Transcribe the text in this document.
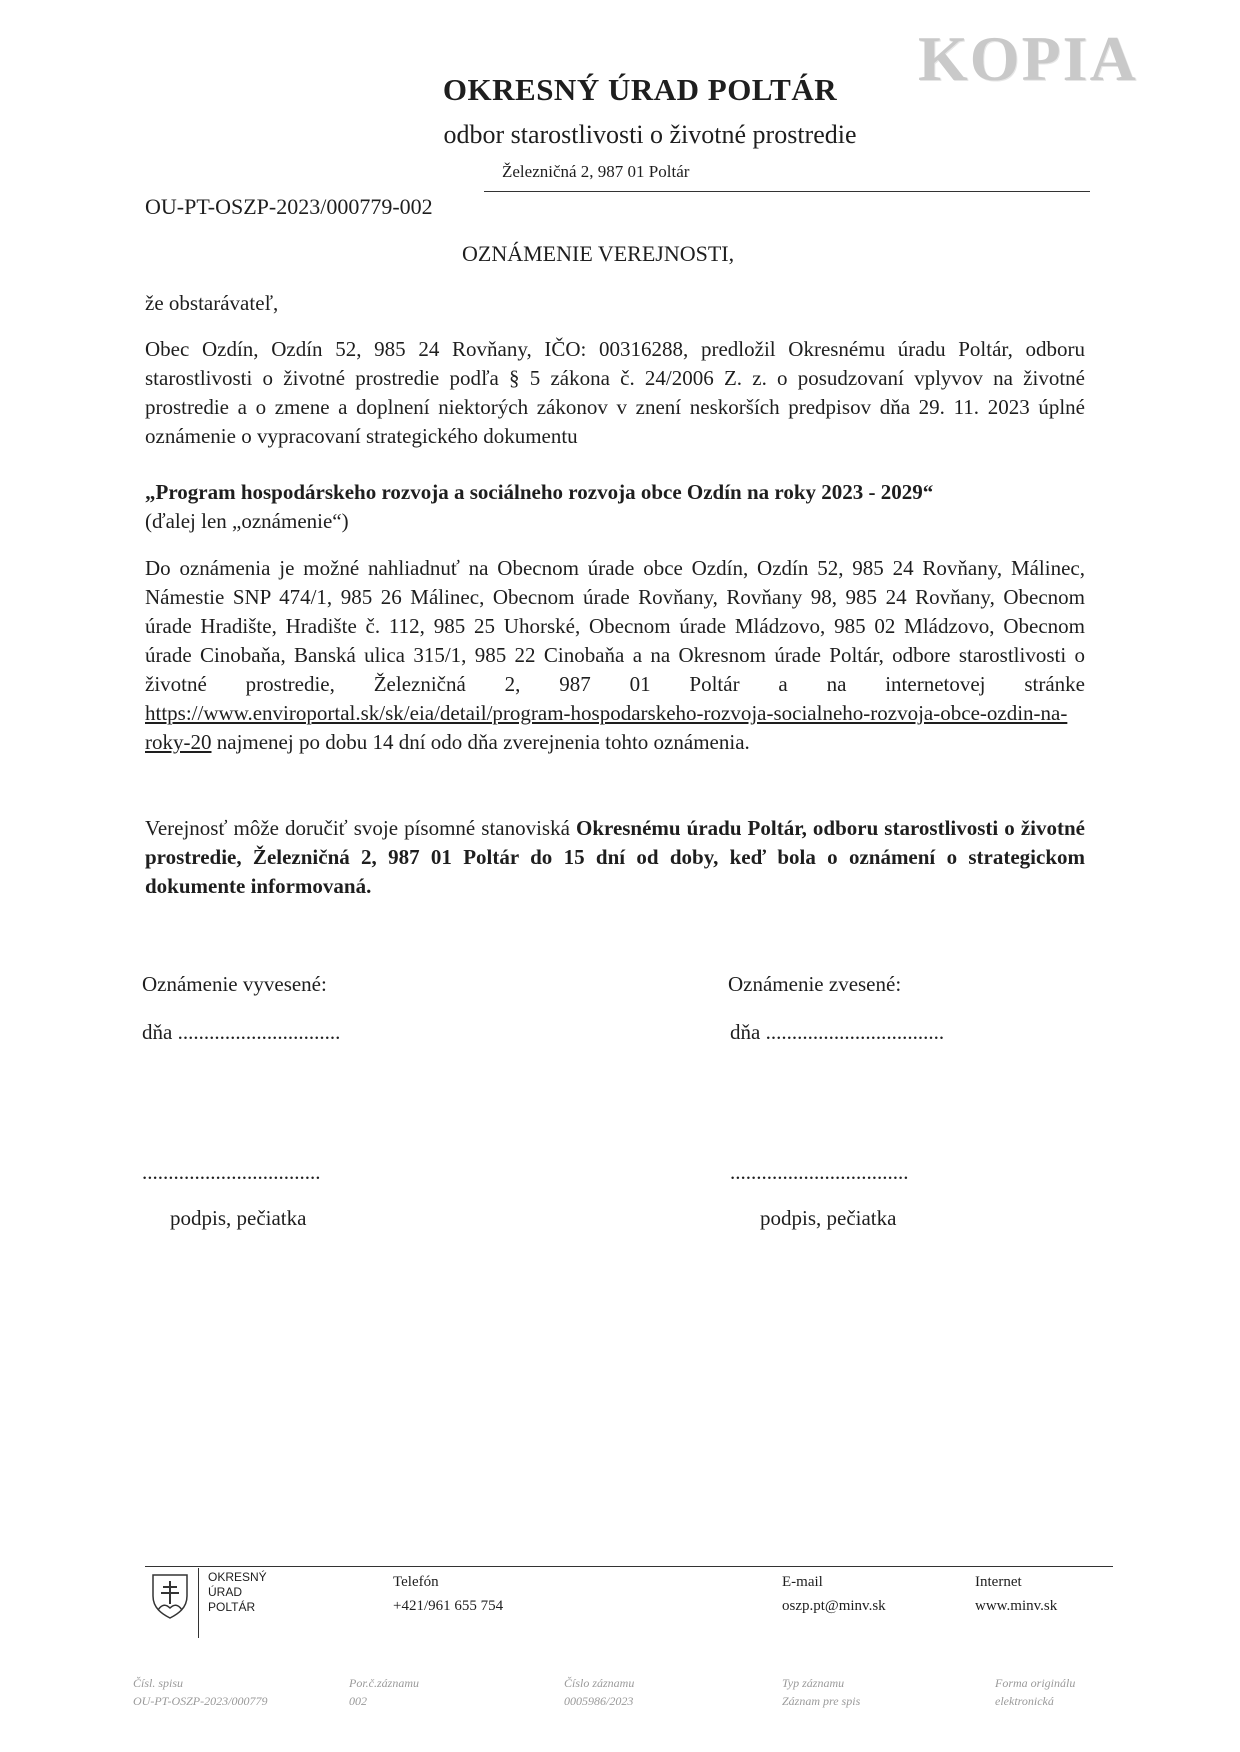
KOPIA
OKRESNÝ ÚRAD POLTÁR
odbor starostlivosti o životné prostredie
Železničná 2, 987 01 Poltár
OU-PT-OSZP-2023/000779-002
OZNÁMENIE VEREJNOSTI,

že obstarávateľ,

Obec Ozdín, Ozdín 52, 985 24 Rovňany, IČO: 00316288, predložil Okresnému úradu Poltár, odboru starostlivosti o životné prostredie podľa § 5 zákona č. 24/2006 Z. z. o posudzovaní vplyvov na životné prostredie a o zmene a doplnení niektorých zákonov v znení neskorších predpisov dňa 29. 11. 2023 úplné oznámenie o vypracovaní strategického dokumentu

„Program hospodárskeho rozvoja a sociálneho rozvoja obce Ozdín na roky 2023 - 2029“
(ďalej len „oznámenie“)

Do oznámenia je možné nahliadnuť na Obecnom úrade obce Ozdín, Ozdín 52, 985 24 Rovňany, Málinec, Námestie SNP 474/1, 985 26 Málinec, Obecnom úrade Rovňany, Rovňany 98, 985 24 Rovňany, Obecnom úrade Hradište, Hradište č. 112, 985 25 Uhorské, Obecnom úrade Mládzovo, 985 02 Mládzovo, Obecnom úrade Cinobaňa, Banská ulica 315/1, 985 22 Cinobaňa a na Okresnom úrade Poltár, odbore starostlivosti o životné prostredie, Železničná 2, 987 01 Poltár a na internetovej stránke https://www.enviroportal.sk/sk/eia/detail/program-hospodarskeho-rozvoja-socialneho-rozvoja-obce-ozdin-na-roky-20 najmenej po dobu 14 dní odo dňa zverejnenia tohto oznámenia.

Verejnosť môže doručiť svoje písomné stanoviská Okresnému úradu Poltár, odboru starostlivosti o životné prostredie, Železničná 2, 987 01 Poltár do 15 dní od doby, keď bola o oznámení o strategickom dokumente informovaná.

Oznámenie vyvesené:	Oznámenie zvesené:
dňa ...............................	dňa ..................................
..................................	..................................
podpis, pečiatka	podpis, pečiatka
OKRESNÝ
ÚRAD
POLTÁR
Telefón
+421/961 655 754
E-mail
oszp.pt@minv.sk
Internet
www.minv.sk
Čísl. spisu
OU-PT-OSZP-2023/000779
Por.č.záznamu
002
Číslo záznamu
0005986/2023
Typ záznamu
Záznam pre spis
Forma originálu
elektronická
